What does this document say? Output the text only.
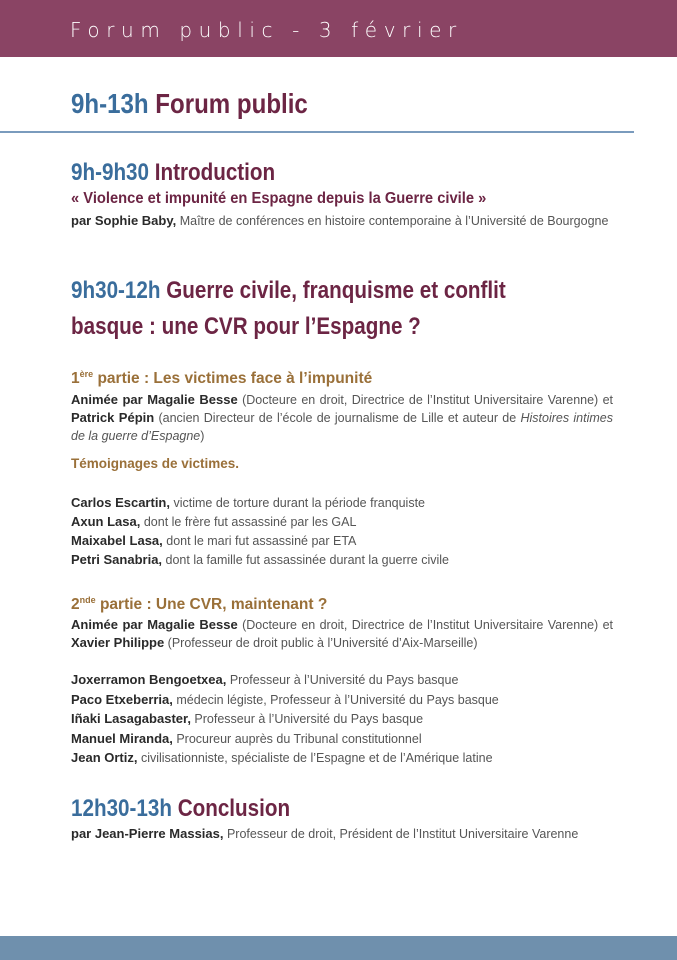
Forum public - 3 février
9h-13h Forum public
9h-9h30 Introduction
« Violence et impunité en Espagne depuis la Guerre civile »
par Sophie Baby, Maître de conférences en histoire contemporaine à l’Université de Bourgogne
9h30-12h Guerre civile, franquisme et conflit
basque : une CVR pour l’Espagne ?
1ère partie : Les victimes face à l’impunité
Animée par Magalie Besse (Docteure en droit, Directrice de l’Institut Universitaire Varenne) et Patrick Pépin (ancien Directeur de l’école de journalisme de Lille et auteur de Histoires intimes de la guerre d’Espagne)
Témoignages de victimes.
Carlos Escartin, victime de torture durant la période franquiste
Axun Lasa, dont le frère fut assassiné par les GAL
Maixabel Lasa, dont le mari fut assassiné par ETA
Petri Sanabria, dont la famille fut assassinée durant la guerre civile
2nde partie : Une CVR, maintenant ?
Animée par Magalie Besse (Docteure en droit, Directrice de l’Institut Universitaire Varenne) et Xavier Philippe (Professeur de droit public à l’Université d’Aix-Marseille)
Joxerramon Bengoetxea, Professeur à l’Université du Pays basque
Paco Etxeberria, médecin légiste, Professeur à l’Université du Pays basque
Iñaki Lasagabaster, Professeur à l’Université du Pays basque
Manuel Miranda, Procureur auprès du Tribunal constitutionnel
Jean Ortiz, civilisationniste, spécialiste de l’Espagne et de l’Amérique latine
12h30-13h Conclusion
par Jean-Pierre Massias, Professeur de droit, Président de l’Institut Universitaire Varenne
